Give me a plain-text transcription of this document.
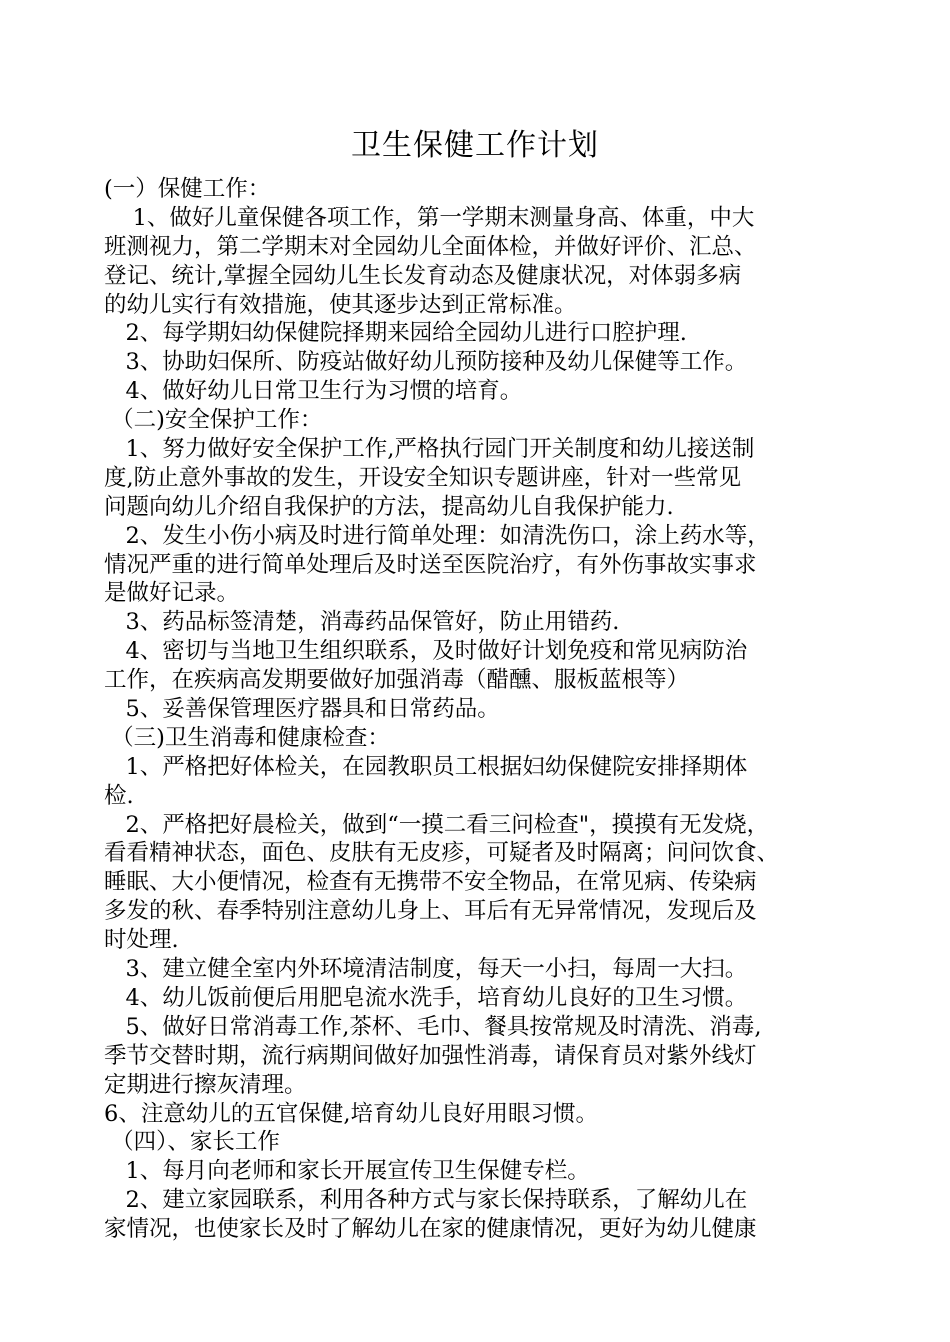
卫生保健工作计划
(一）保健工作：
1、做好儿童保健各项工作，第一学期末测量身高、体重，中大
班测视力，第二学期末对全园幼儿全面体检，并做好评价、汇总、
登记、统计,掌握全园幼儿生长发育动态及健康状况，对体弱多病
的幼儿实行有效措施，使其逐步达到正常标准。
2、每学期妇幼保健院择期来园给全园幼儿进行口腔护理.
3、协助妇保所、防疫站做好幼儿预防接种及幼儿保健等工作。
4、做好幼儿日常卫生行为习惯的培育。
（二)安全保护工作：
1、努力做好安全保护工作,严格执行园门开关制度和幼儿接送制
度,防止意外事故的发生，开设安全知识专题讲座，针对一些常见
问题向幼儿介绍自我保护的方法，提高幼儿自我保护能力.
2、发生小伤小病及时进行简单处理：如清洗伤口，涂上药水等，
情况严重的进行简单处理后及时送至医院治疗，有外伤事故实事求
是做好记录。
3、药品标签清楚，消毒药品保管好，防止用错药.
4、密切与当地卫生组织联系，及时做好计划免疫和常见病防治
工作，在疾病高发期要做好加强消毒（醋醺、服板蓝根等）
5、妥善保管理医疗器具和日常药品。
（三)卫生消毒和健康检查：
1、严格把好体检关，在园教职员工根据妇幼保健院安排择期体
检.
2、严格把好晨检关，做到“一摸二看三问检查"，摸摸有无发烧，
看看精神状态，面色、皮肤有无皮疹，可疑者及时隔离；问问饮食、
睡眠、大小便情况，检查有无携带不安全物品，在常见病、传染病
多发的秋、春季特别注意幼儿身上、耳后有无异常情况，发现后及
时处理.
3、建立健全室内外环境清洁制度，每天一小扫，每周一大扫。
4、幼儿饭前便后用肥皂流水洗手，培育幼儿良好的卫生习惯。
5、做好日常消毒工作,茶杯、毛巾、餐具按常规及时清洗、消毒,
季节交替时期，流行病期间做好加强性消毒，请保育员对紫外线灯
定期进行擦灰清理。
6、注意幼儿的五官保健,培育幼儿良好用眼习惯。
（四）、家长工作
1、每月向老师和家长开展宣传卫生保健专栏。
2、建立家园联系，利用各种方式与家长保持联系，了解幼儿在
家情况，也使家长及时了解幼儿在家的健康情况，更好为幼儿健康
